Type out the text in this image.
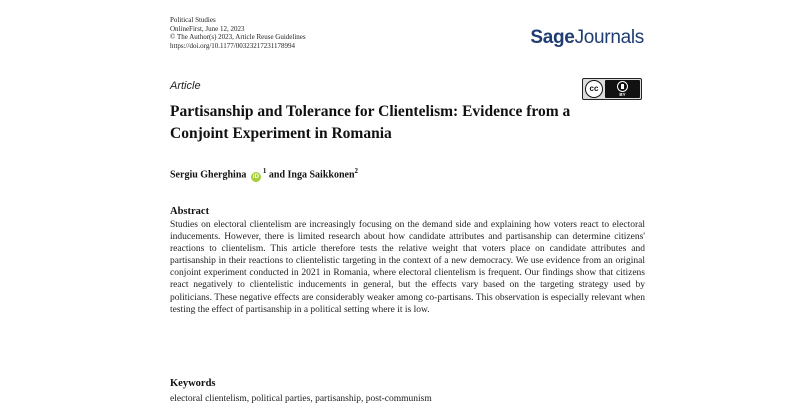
Political Studies
OnlineFirst, June 12, 2023
© The Author(s) 2023, Article Reuse Guidelines
https://doi.org/10.1177/00323217231178994	SageJournals
Article	cc
BY
Partisanship and Tolerance for Clientelism: Evidence from a Conjoint Experiment in Romania
Sergiu Gherghina $iD^1$ and Inga Saikkonen$^2$
Abstract
Studies on electoral clientelism are increasingly focusing on the demand side and explaining how voters react to electoral inducements. However, there is limited research about how candidate attributes and partisanship can determine citizens' reactions to clientelism. This article therefore tests the relative weight that voters place on candidate attributes and partisanship in their reactions to clientelistic targeting in the context of a new democracy. We use evidence from an original conjoint experiment conducted in 2021 in Romania, where electoral clientelism is frequent. Our findings show that citizens react negatively to clientelistic inducements in general, but the effects vary based on the targeting strategy used by politicians. These negative effects are considerably weaker among co-partisans. This observation is especially relevant when testing the effect of partisanship in a political setting where it is low.
Keywords
electoral clientelism, political parties, partisanship, post-communism
